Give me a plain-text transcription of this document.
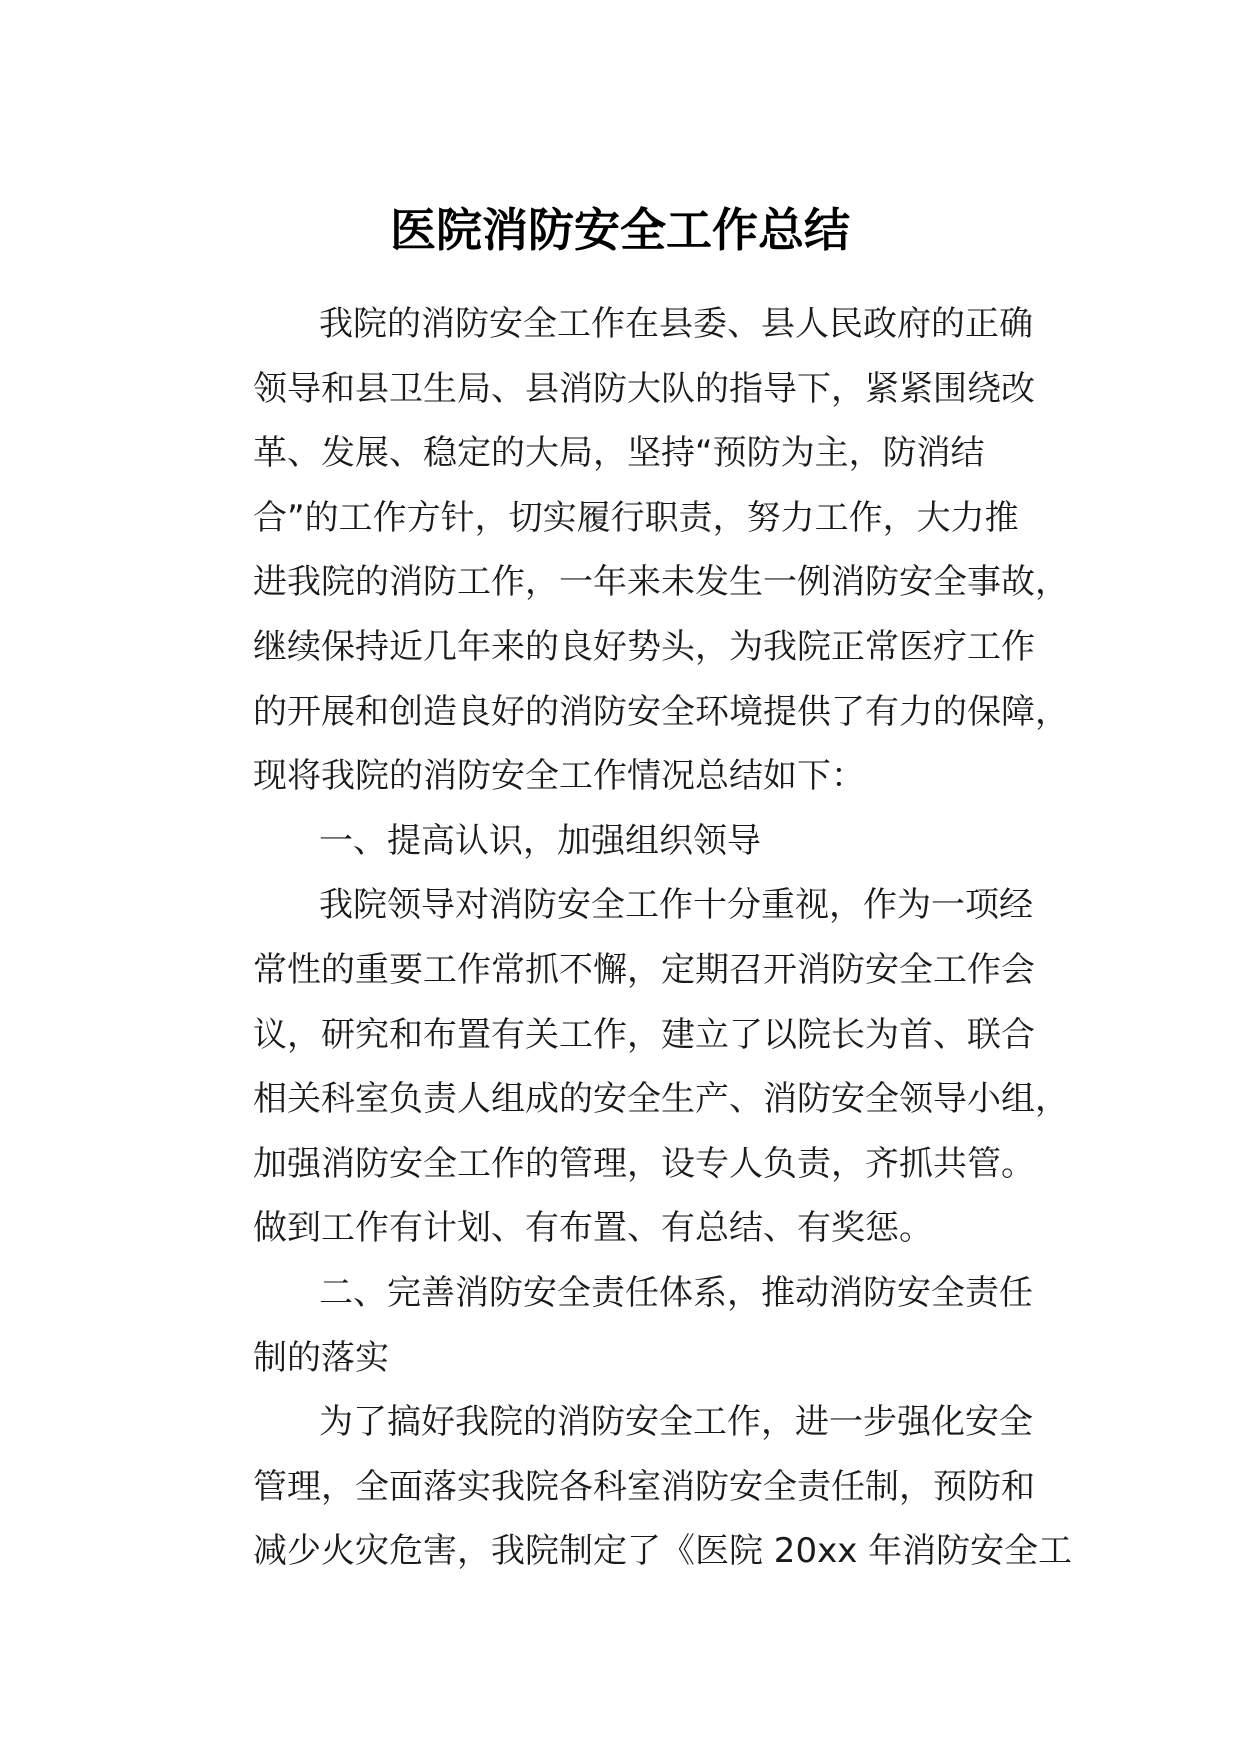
医院消防安全工作总结
我院的消防安全工作在县委、县人民政府的正确
领导和县卫生局、县消防大队的指导下，紧紧围绕改
革、发展、稳定的大局，坚持“预防为主，防消结
合”的工作方针，切实履行职责，努力工作，大力推
进我院的消防工作，一年来未发生一例消防安全事故，
继续保持近几年来的良好势头，为我院正常医疗工作
的开展和创造良好的消防安全环境提供了有力的保障，
现将我院的消防安全工作情况总结如下：
一、提高认识，加强组织领导
我院领导对消防安全工作十分重视，作为一项经
常性的重要工作常抓不懈，定期召开消防安全工作会
议，研究和布置有关工作，建立了以院长为首、联合
相关科室负责人组成的安全生产、消防安全领导小组，
加强消防安全工作的管理，设专人负责，齐抓共管。
做到工作有计划、有布置、有总结、有奖惩。
二、完善消防安全责任体系，推动消防安全责任
制的落实
为了搞好我院的消防安全工作，进一步强化安全
管理，全面落实我院各科室消防安全责任制，预防和
减少火灾危害，我院制定了《医院 20xx 年消防安全工
